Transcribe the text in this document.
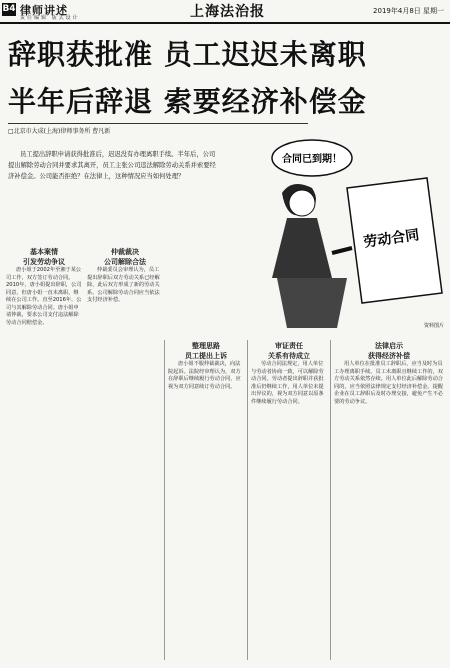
B4 律师讲述
责任编辑 版式设计	上海法治报	2019年4月8日 星期一
辞职获批准 员工迟迟未离职
半年后辞退 索要经济补偿金
□北京市大成(上海)律师事务所 曹凡新
员工提出辞职申请获得批准后，迟迟没有办理离职手续。半年后，公司提出解除劳动合同并要求其离开，员工主张公司违法解除劳动关系并索要经济补偿金。公司能否拒绝？在法律上，这种情况应当如何处理？
合同已到期！
劳动合同
资料图片
基本案情
引发劳动争议

唐小姐于2002年至湘于某公司工作，双方签订劳动合同。2010年，唐小姐提出辞职，公司同意，但唐小姐一直未离职，继续在公司工作。直至2016年，公司与其解除劳动合同。唐小姐申请仲裁，要求公司支付违法解除劳动合同赔偿金。

仲裁裁决
公司解除合法

仲裁委员会审理认为，员工提出辞职后双方劳动关系已经解除，此后双方形成了新的劳动关系。公司解除劳动合同应当依法支付经济补偿。

整理思路
员工提出上诉

唐小姐不服仲裁裁决，向法院起诉。法院经审理认为，双方在辞职后继续履行劳动合同，应视为双方同意续订劳动合同。

审证责任
关系有待成立

劳动合同法规定，用人单位与劳动者协商一致，可以解除劳动合同。劳动者提出辞职并获批准后仍继续工作，用人单位未提出异议的，视为双方同意以原条件继续履行劳动合同。

法律启示
获得经济补偿

用人单位在批准员工辞职后，应当及时为员工办理离职手续。员工未离职且继续工作的，双方劳动关系依然存续。用人单位此后解除劳动合同的，应当依照法律规定支付经济补偿金。提醒企业在员工辞职后及时办理交接，避免产生不必要的劳动争议。
